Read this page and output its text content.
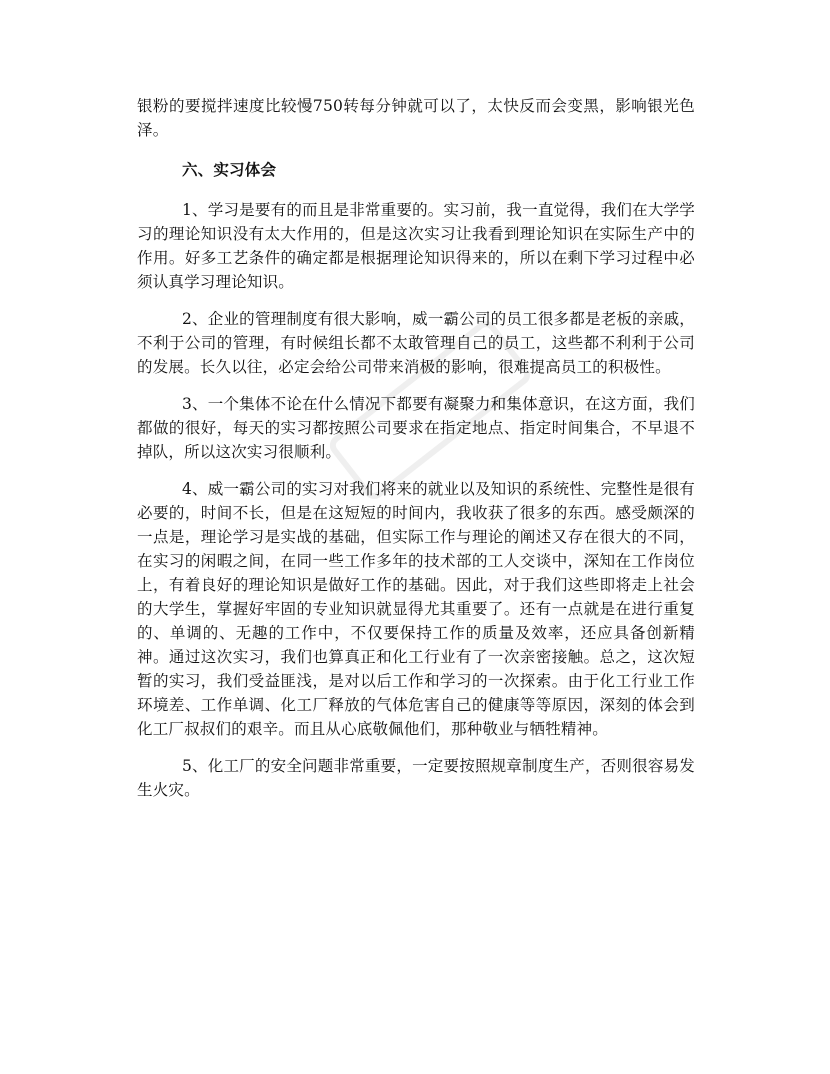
银粉的要搅拌速度比较慢750转每分钟就可以了，太快反而会变黑，影响银光色泽。

六、实习体会

1、学习是要有的而且是非常重要的。实习前，我一直觉得，我们在大学学习的理论知识没有太大作用的，但是这次实习让我看到理论知识在实际生产中的作用。好多工艺条件的确定都是根据理论知识得来的，所以在剩下学习过程中必须认真学习理论知识。

2、企业的管理制度有很大影响，威一霸公司的员工很多都是老板的亲戚，不利于公司的管理，有时候组长都不太敢管理自己的员工，这些都不利利于公司的发展。长久以往，必定会给公司带来消极的影响，很难提高员工的积极性。

3、一个集体不论在什么情况下都要有凝聚力和集体意识，在这方面，我们都做的很好，每天的实习都按照公司要求在指定地点、指定时间集合，不早退不掉队，所以这次实习很顺利。

4、威一霸公司的实习对我们将来的就业以及知识的系统性、完整性是很有必要的，时间不长，但是在这短短的时间内，我收获了很多的东西。感受颇深的一点是，理论学习是实战的基础，但实际工作与理论的阐述又存在很大的不同，在实习的闲暇之间，在同一些工作多年的技术部的工人交谈中，深知在工作岗位上，有着良好的理论知识是做好工作的基础。因此，对于我们这些即将走上社会的大学生，掌握好牢固的专业知识就显得尤其重要了。还有一点就是在进行重复的、单调的、无趣的工作中，不仅要保持工作的质量及效率，还应具备创新精神。通过这次实习，我们也算真正和化工行业有了一次亲密接触。总之，这次短暂的实习，我们受益匪浅，是对以后工作和学习的一次探索。由于化工行业工作环境差、工作单调、化工厂释放的气体危害自己的健康等等原因，深刻的体会到化工厂叔叔们的艰辛。而且从心底敬佩他们，那种敬业与牺牲精神。

5、化工厂的安全问题非常重要，一定要按照规章制度生产，否则很容易发生火灾。
